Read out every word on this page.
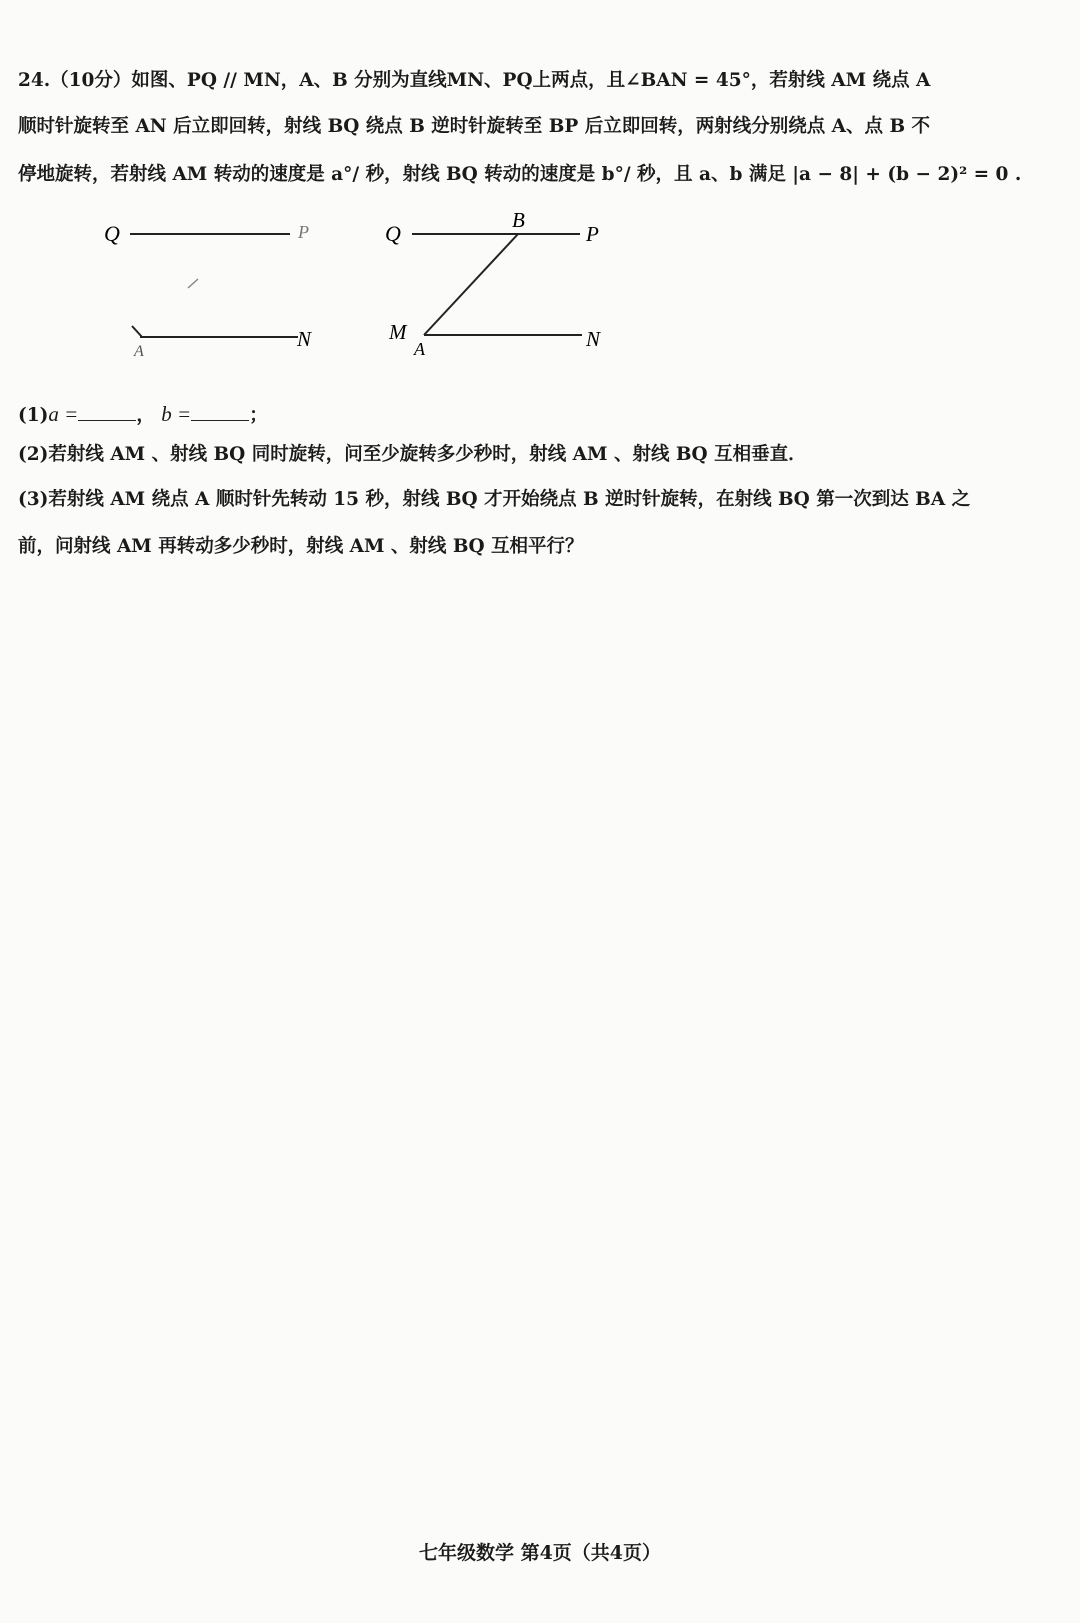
24.（10分）如图、PQ // MN，A、B 分别为直线MN、PQ上两点，且∠BAN = 45°，若射线 AM 绕点 A
顺时针旋转至 AN 后立即回转，射线 BQ 绕点 B 逆时针旋转至 BP 后立即回转，两射线分别绕点 A、点 B 不
停地旋转，若射线 AM 转动的速度是 a°/ 秒，射线 BQ 转动的速度是 b°/ 秒，且 a、b 满足 |a − 8| + (b − 2)² = 0 .
Q	P
A
N
Q
B
P
M
A	N
(1)a =	， b =	；
(2)若射线 AM 、射线 BQ 同时旋转，问至少旋转多少秒时，射线 AM 、射线 BQ 互相垂直．
(3)若射线 AM 绕点 A 顺时针先转动 15 秒，射线 BQ 才开始绕点 B 逆时针旋转，在射线 BQ 第一次到达 BA 之
前，问射线 AM 再转动多少秒时，射线 AM 、射线 BQ 互相平行？
七年级数学 第4页（共4页）
